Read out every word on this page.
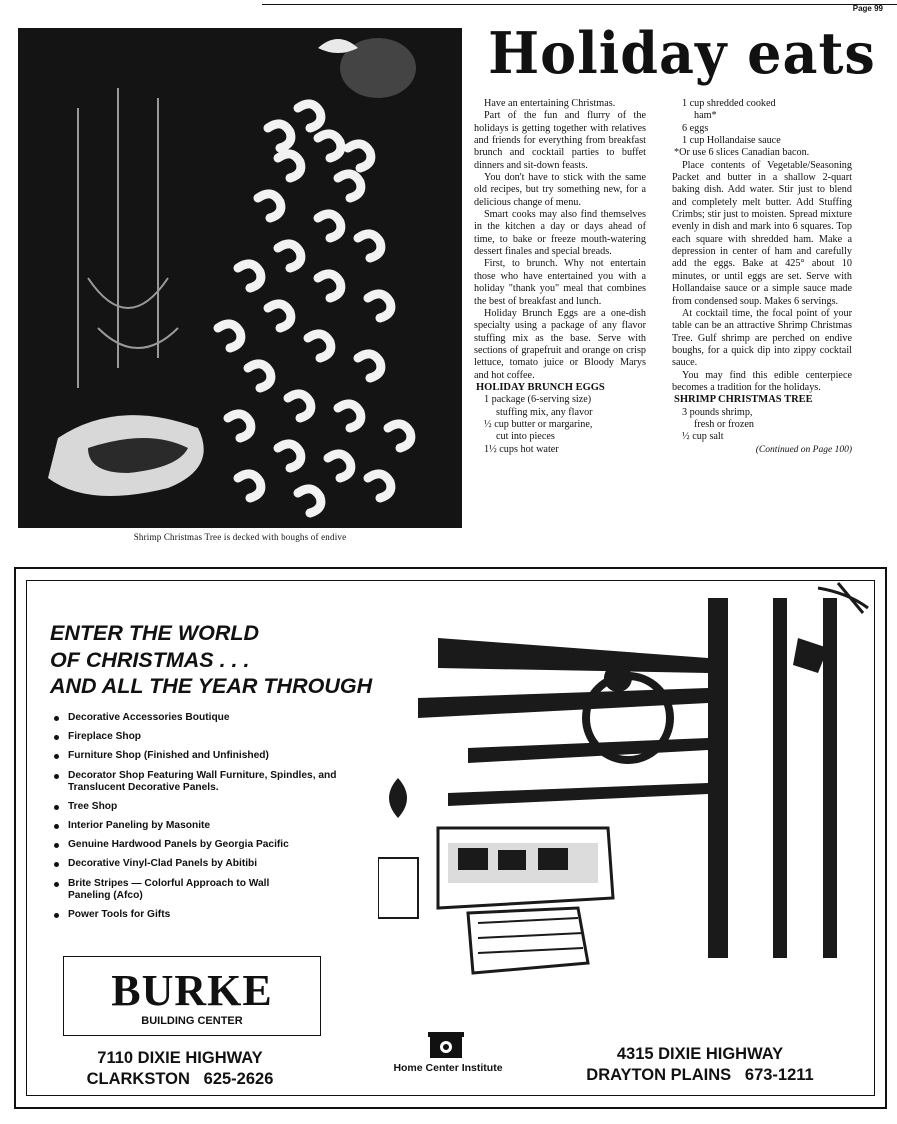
Page 99
Shrimp Christmas Tree is decked with boughs of endive
Holiday eats

Have an entertaining Christmas.

Part of the fun and flurry of the holidays is getting together with relatives and friends for everything from breakfast brunch and cocktail parties to buffet dinners and sit-down feasts.

You don't have to stick with the same old recipes, but try something new, for a delicious change of menu.

Smart cooks may also find themselves in the kitchen a day or days ahead of time, to bake or freeze mouth-watering dessert finales and special breads.

First, to brunch. Why not entertain those who have entertained you with a holiday "thank you" meal that combines the best of breakfast and lunch.

Holiday Brunch Eggs are a one-dish specialty using a package of any flavor stuffing mix as the base. Serve with sections of grapefruit and orange on crisp lettuce, tomato juice or Bloody Marys and hot coffee.

HOLIDAY BRUNCH EGGS

1 package (6-serving size)

stuffing mix, any flavor

½ cup butter or margarine,

cut into pieces

1½ cups hot water

1 cup shredded cooked

ham*

6 eggs

1 cup Hollandaise sauce

*Or use 6 slices Canadian bacon.

Place contents of Vegetable/Seasoning Packet and butter in a shallow 2-quart baking dish. Add water. Stir just to blend and completely melt butter. Add Stuffing Crimbs; stir just to moisten. Spread mixture evenly in dish and mark into 6 squares. Top each square with shredded ham. Make a depression in center of ham and carefully add the eggs. Bake at 425° about 10 minutes, or until eggs are set. Serve with Hollandaise sauce or a simple sauce made from condensed soup. Makes 6 servings.

At cocktail time, the focal point of your table can be an attractive Shrimp Christmas Tree. Gulf shrimp are perched on endive boughs, for a quick dip into zippy cocktail sauce.

You may find this edible centerpiece becomes a tradition for the holidays.

SHRIMP CHRISTMAS TREE

3 pounds shrimp,

fresh or frozen

½ cup salt

(Continued on Page 100)

ENTER THE WORLD
OF CHRISTMAS . . .
AND ALL THE YEAR THROUGH
Decorative Accessories Boutique
Fireplace Shop
Furniture Shop (Finished and Unfinished)
Decorator Shop Featuring Wall Furniture, Spindles, and Translucent Decorative Panels.
Tree Shop
Interior Paneling by Masonite
Genuine Hardwood Panels by Georgia Pacific
Decorative Vinyl-Clad Panels by Abitibi
Brite Stripes — Colorful Approach to Wall Paneling (Afco)
Power Tools for Gifts
BURKE
BUILDING CENTER
7110 DIXIE HIGHWAY
CLARKSTON   625-2626
Home Center Institute
4315 DIXIE HIGHWAY
DRAYTON PLAINS   673-1211
